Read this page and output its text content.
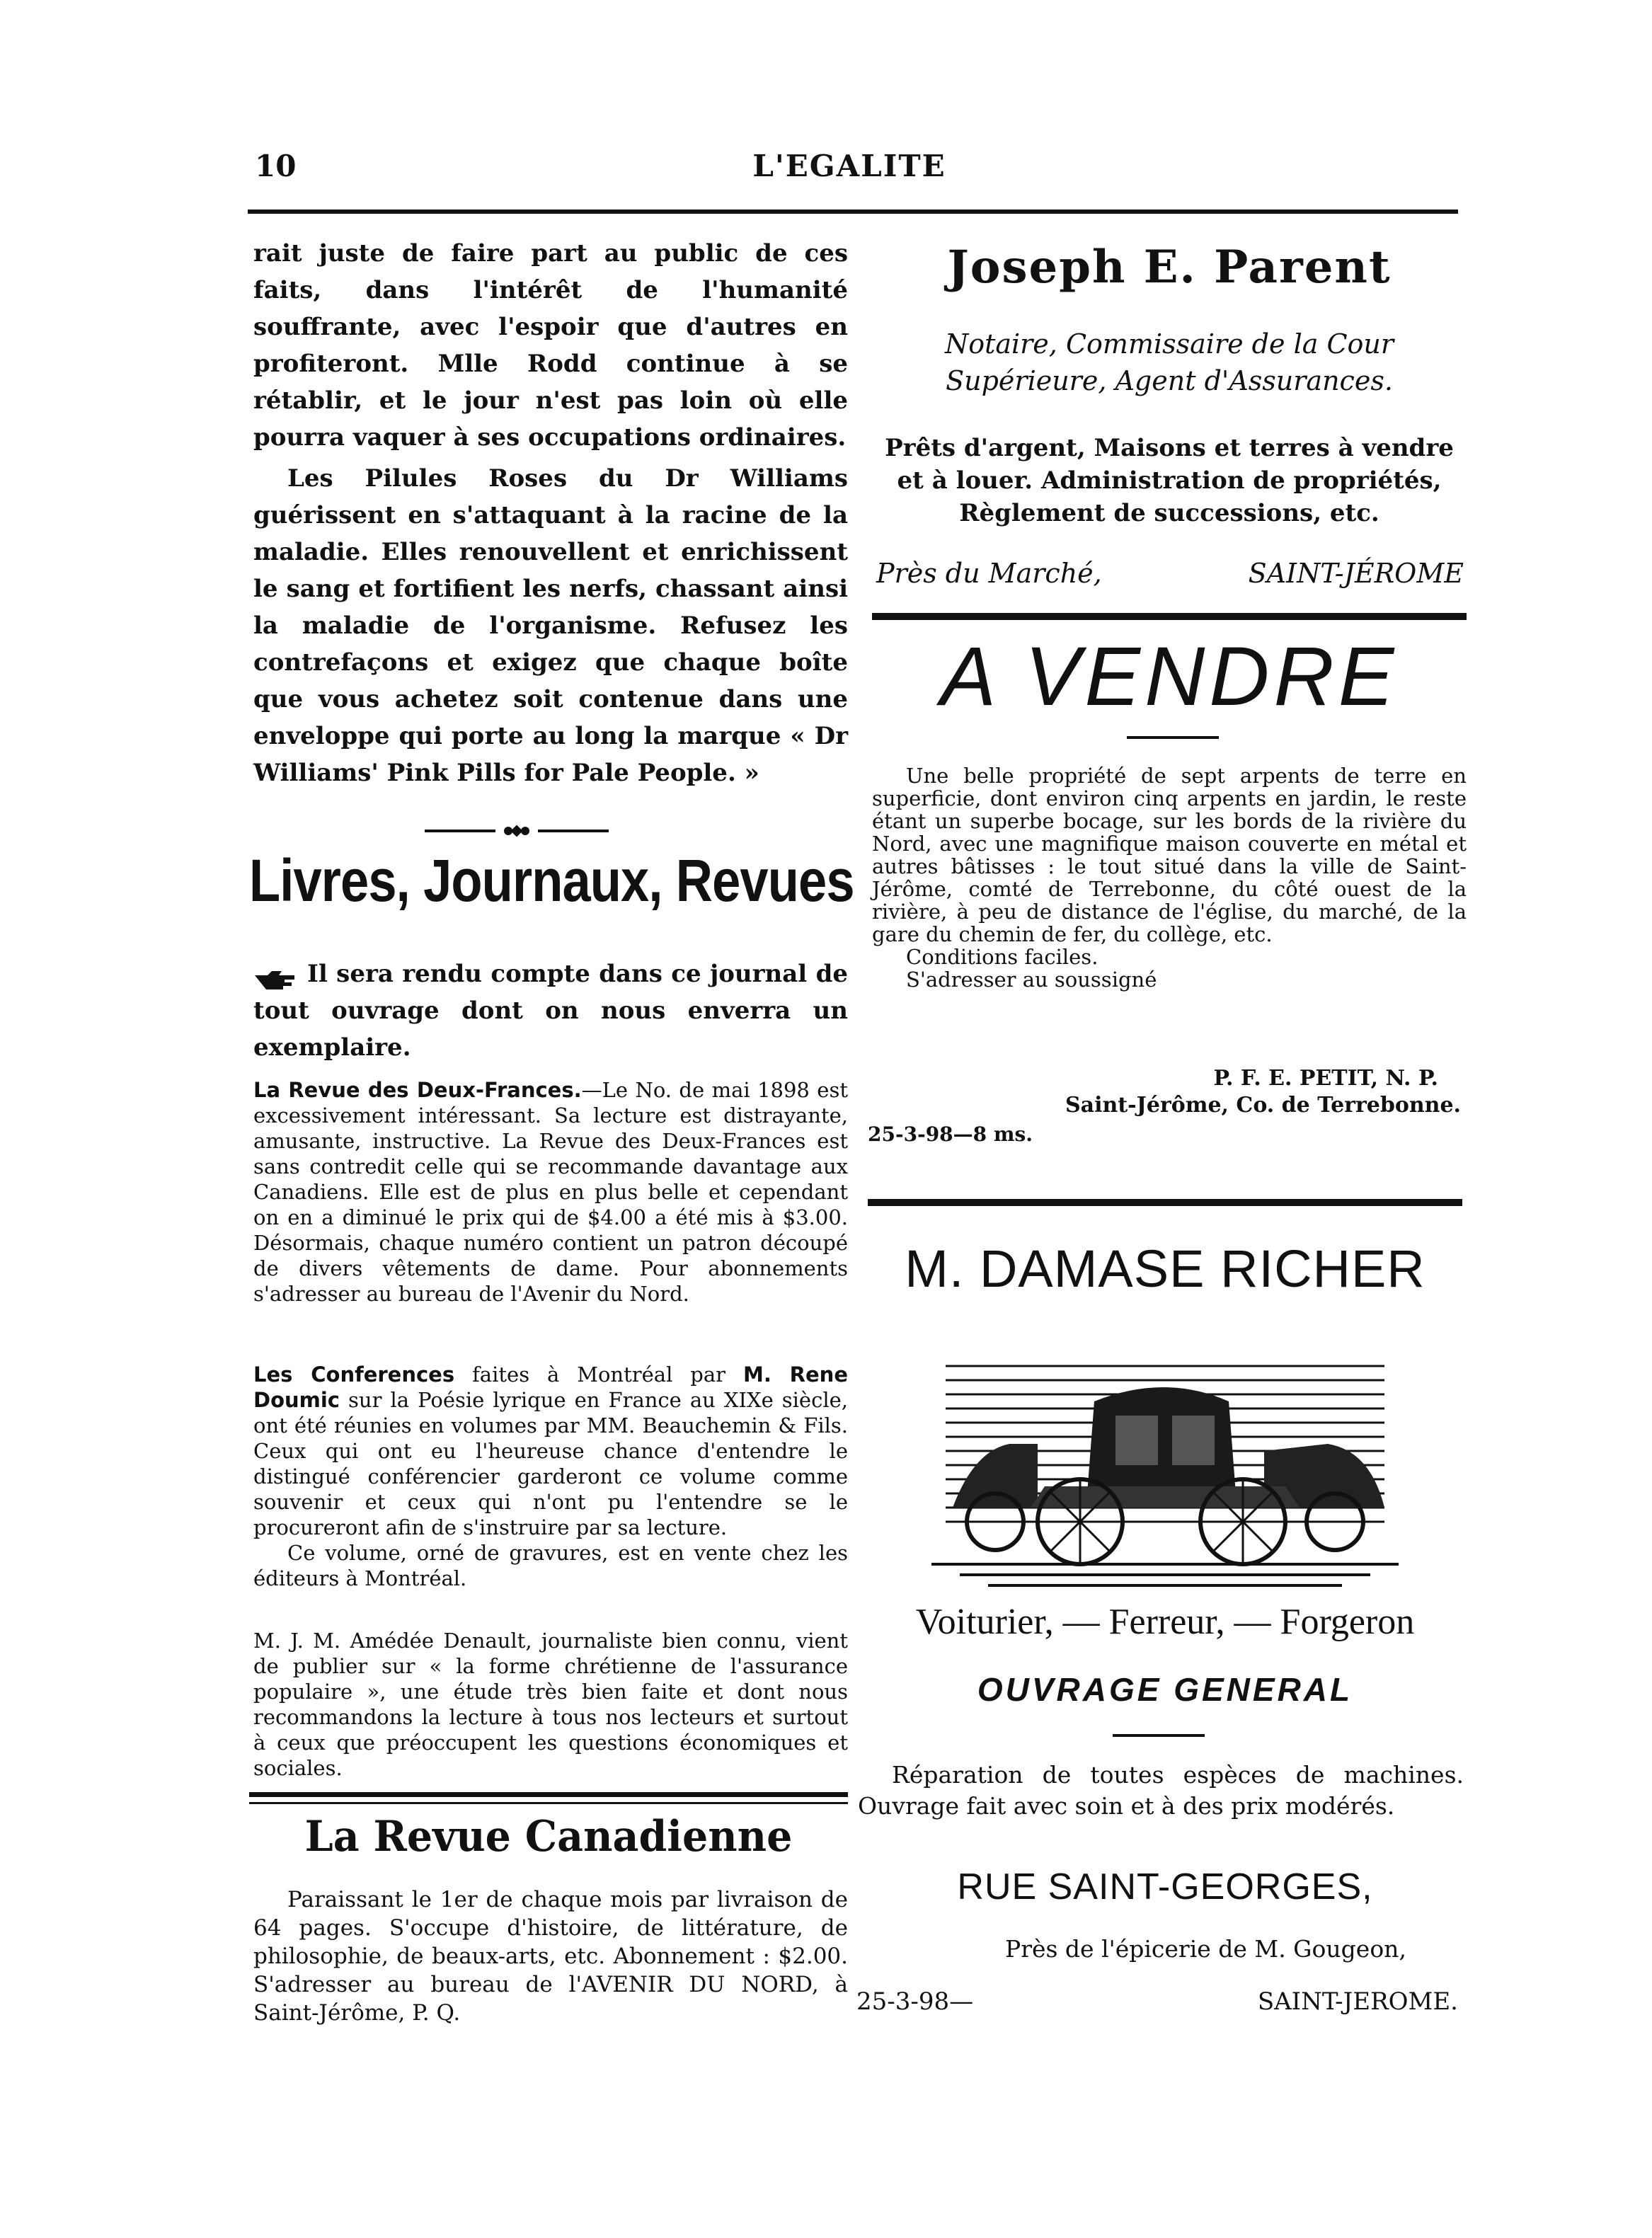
10	L'EGALITE
rait juste de faire part au public de ces faits, dans l'intérêt de l'humanité souffrante, avec l'espoir que d'autres en profiteront. Mlle Rodd continue à se rétablir, et le jour n'est pas loin où elle pourra vaquer à ses occupations ordinaires.
Les Pilules Roses du Dr Williams guérissent en s'attaquant à la racine de la maladie. Elles renouvellent et enrichissent le sang et fortifient les nerfs, chassant ainsi la maladie de l'organisme. Refusez les contrefaçons et exigez que chaque boîte que vous achetez soit contenue dans une enveloppe qui porte au long la marque « Dr Williams' Pink Pills for Pale People. »
Livres, Journaux, Revues
Il sera rendu compte dans ce journal de tout ouvrage dont on nous enverra un exemplaire.
La Revue des Deux-Frances.—Le No. de mai 1898 est excessivement intéressant. Sa lecture est distrayante, amusante, instructive. La Revue des Deux-Frances est sans contredit celle qui se recommande davantage aux Canadiens. Elle est de plus en plus belle et cependant on en a diminué le prix qui de $4.00 a été mis à $3.00. Désormais, chaque numéro contient un patron découpé de divers vêtements de dame. Pour abonnements s'adresser au bureau de l'Avenir du Nord.
Les Conferences faites à Montréal par M. Rene Doumic sur la Poésie lyrique en France au XIXe siècle, ont été réunies en volumes par MM. Beauchemin & Fils. Ceux qui ont eu l'heureuse chance d'entendre le distingué conférencier garderont ce volume comme souvenir et ceux qui n'ont pu l'entendre se le procureront afin de s'instruire par sa lecture.
Ce volume, orné de gravures, est en vente chez les éditeurs à Montréal.
M. J. M. Amédée Denault, journaliste bien connu, vient de publier sur « la forme chrétienne de l'assurance populaire », une étude très bien faite et dont nous recommandons la lecture à tous nos lecteurs et surtout à ceux que préoccupent les questions économiques et sociales.
La Revue Canadienne
Paraissant le 1er de chaque mois par livraison de 64 pages. S'occupe d'histoire, de littérature, de philosophie, de beaux-arts, etc. Abonnement : $2.00. S'adresser au bureau de l'AVENIR DU NORD, à Saint-Jérôme, P. Q.
Joseph E. Parent
Notaire, Commissaire de la Cour Supérieure, Agent d'Assurances.
Prêts d'argent, Maisons et terres à vendre et à louer. Administration de propriétés, Règlement de successions, etc.
Près du Marché,	SAINT-JÉROME
A VENDRE
Une belle propriété de sept arpents de terre en superficie, dont environ cinq arpents en jardin, le reste étant un superbe bocage, sur les bords de la rivière du Nord, avec une magnifique maison couverte en métal et autres bâtisses : le tout situé dans la ville de Saint-Jérôme, comté de Terrebonne, du côté ouest de la rivière, à peu de distance de l'église, du marché, de la gare du chemin de fer, du collège, etc.
Conditions faciles.
S'adresser au soussigné
P. F. E. PETIT, N. P.
Saint-Jérôme, Co. de Terrebonne.
25-3-98—8 ms.
M. DAMASE RICHER
Voiturier, — Ferreur, — Forgeron
OUVRAGE GENERAL
Réparation de toutes espèces de machines. Ouvrage fait avec soin et à des prix modérés.
RUE SAINT-GEORGES,
Près de l'épicerie de M. Gougeon,
25-3-98—	SAINT-JEROME.
